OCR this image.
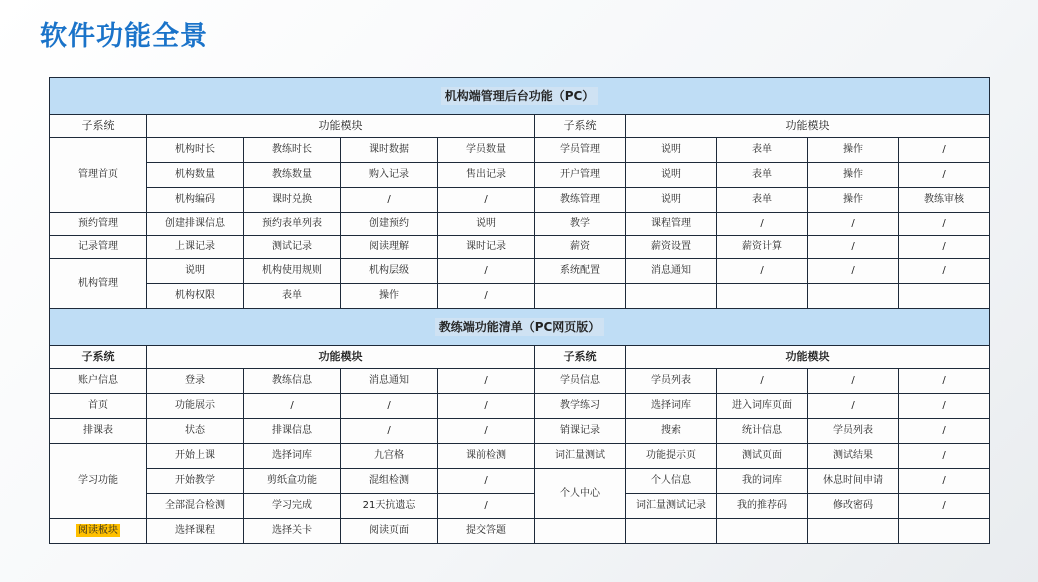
软件功能全景
机构端管理后台功能（PC）									
子系统	功能模块				子系统	功能模块			
管理首页	机构时长	教练时长	课时数据	学员数量	学员管理	说明	表单	操作	/
	机构数量	教练数量	购入记录	售出记录	开户管理	说明	表单	操作	/
	机构编码	课时兑换	/	/	教练管理	说明	表单	操作	教练审核
预约管理	创建排课信息	预约表单列表	创建预约	说明	教学	课程管理	/	/	/
记录管理	上课记录	测试记录	阅读理解	课时记录	薪资	薪资设置	薪资计算	/	/
机构管理	说明	机构使用规则	机构层级	/	系统配置	消息通知	/	/	/
	机构权限	表单	操作	/					
教练端功能清单（PC网页版）									
子系统	功能模块				子系统	功能模块			
账户信息	登录	教练信息	消息通知	/	学员信息	学员列表	/	/	/
首页	功能展示	/	/	/	教学练习	选择词库	进入词库页面	/	/
排课表	状态	排课信息	/	/	销课记录	搜索	统计信息	学员列表	/
学习功能	开始上课	选择词库	九宫格	课前检测	词汇量测试	功能提示页	测试页面	测试结果	/
	开始教学	剪纸盒功能	混组检测	/	个人中心	个人信息	我的词库	休息时间申请	/
	全部混合检测	学习完成	21天抗遗忘	/		词汇量测试记录	我的推荐码	修改密码	/
阅读板块	选择课程	选择关卡	阅读页面	提交答题					
